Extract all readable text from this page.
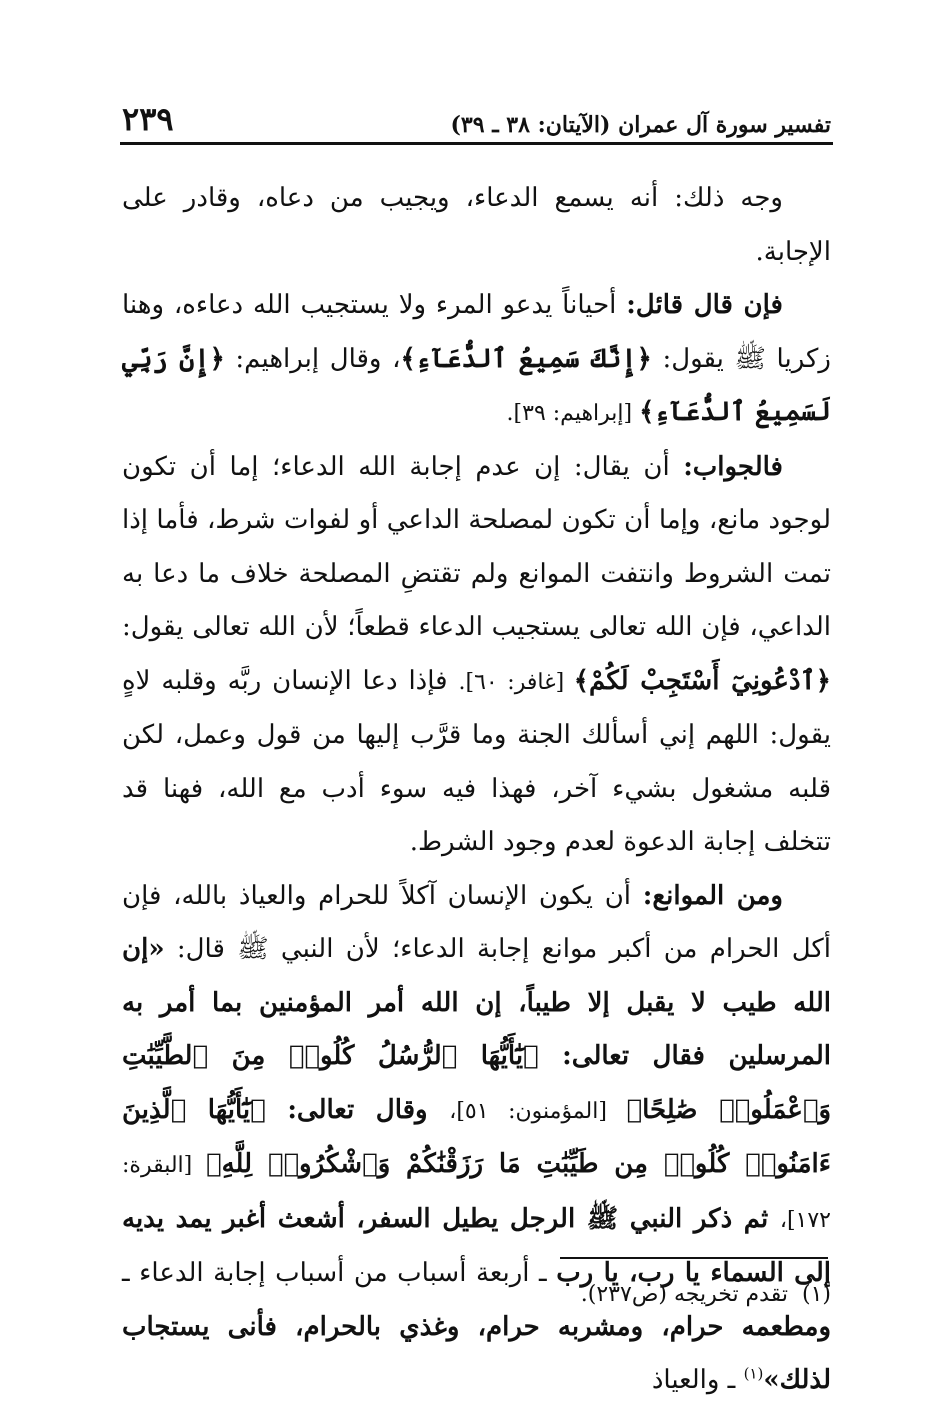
تفسير سورة آل عمران (الآيتان: ٣٨ ـ ٣٩)
٢٣٩

وجه ذلك: أنه يسمع الدعاء، ويجيب من دعاه، وقادر على الإجابة.

فإن قال قائل: أحياناً يدعو المرء ولا يستجيب الله دعاءه، وهنا زكريا ﷺ يقول: ﴿إِنَّكَ سَمِيعُ ٱلدُّعَآءِ﴾، وقال إبراهيم: ﴿إِنَّ رَبِّي لَسَمِيعُ ٱلدُّعَآءِ﴾ [إبراهيم: ٣٩].

فالجواب: أن يقال: إن عدم إجابة الله الدعاء؛ إما أن تكون لوجود مانع، وإما أن تكون لمصلحة الداعي أو لفوات شرط، فأما إذا تمت الشروط وانتفت الموانع ولم تقتضِ المصلحة خلاف ما دعا به الداعي، فإن الله تعالى يستجيب الدعاء قطعاً؛ لأن الله تعالى يقول: ﴿ٱدْعُونِيٓ أَسْتَجِبْ لَكُمْ﴾ [غافر: ٦٠]. فإذا دعا الإنسان ربَّه وقلبه لاهٍ يقول: اللهم إني أسألك الجنة وما قرَّب إليها من قول وعمل، لكن قلبه مشغول بشيء آخر، فهذا فيه سوء أدب مع الله، فهنا قد تتخلف إجابة الدعوة لعدم وجود الشرط.

ومن الموانع: أن يكون الإنسان آكلاً للحرام والعياذ بالله، فإن أكل الحرام من أكبر موانع إجابة الدعاء؛ لأن النبي ﷺ قال: «إن الله طيب لا يقبل إلا طيباً، إن الله أمر المؤمنين بما أمر به المرسلين فقال تعالى: ﴿يَٰٓأَيُّهَا ٱلرُّسُلُ كُلُوا۟ مِنَ ٱلطَّيِّبَٰتِ وَٱعْمَلُوا۟ صَٰلِحًا﴾ [المؤمنون: ٥١]، وقال تعالى: ﴿يَٰٓأَيُّهَا ٱلَّذِينَ ءَامَنُوا۟ كُلُوا۟ مِن طَيِّبَٰتِ مَا رَزَقْنَٰكُمْ وَٱشْكُرُوا۟ لِلَّهِ﴾ [البقرة: ١٧٢]، ثم ذكر النبي ﷺ الرجل يطيل السفر، أشعث أغبر يمد يديه إلى السماء يا رب، يا رب ـ أربعة أسباب من أسباب إجابة الدعاء ـ ومطعمه حرام، ومشربه حرام، وغذي بالحرام، فأنى يستجاب لذلك»$^{(١)}$ ـ والعياذ

(١)تقدم تخريجه (ص٢٣٧).
